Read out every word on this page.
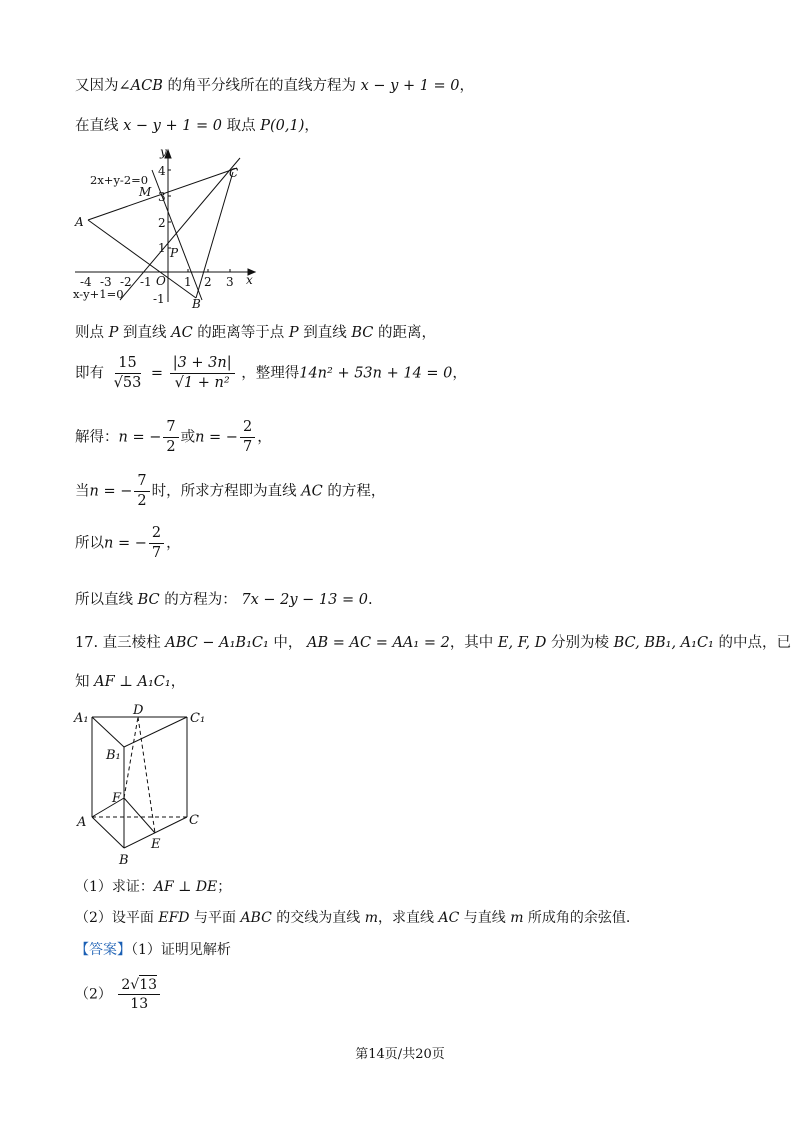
又因为∠ACB 的角平分线所在的直线方程为 x − y + 1 = 0，
在直线 x − y + 1 = 0 取点 P(0,1)，
y
x
O
2x+y-2=0
x-y+1=0
A
B
C
M
P
-4 -3 -2 -1	1 2 3
4
3
2
1
-1
则点 P 到直线 AC 的距离等于点 P 到直线 BC 的距离，
即有 $\frac{15}{√53} = \frac{|3 + 3n|}{\text{√1 + n²}}$ ，整理得14n² + 53n + 14 = 0，
解得：n = − $\frac{7}{2}$ 或n = − $\frac{2}{7}$ ，
当n = − $\frac{7}{2}$ 时，所求方程即为直线 AC 的方程，
所以n = − $\frac{2}{7}$ ，
所以直线 BC 的方程为： 7x − 2y − 13 = 0.
17. 直三棱柱 ABC − A₁B₁C₁ 中， AB = AC = AA₁ = 2，其中 E, F, D 分别为棱 BC, BB₁, A₁C₁ 的中点，已
知 AF ⊥ A₁C₁，
A₁
D
C₁
B₁
F
A	C
E
B
（1）求证：AF ⊥ DE；
（2）设平面 EFD 与平面 ABC 的交线为直线 m，求直线 AC 与直线 m 所成角的余弦值.
【答案】（1）证明见解析
$(2) \frac{2√13}{13}$
第14页/共20页
